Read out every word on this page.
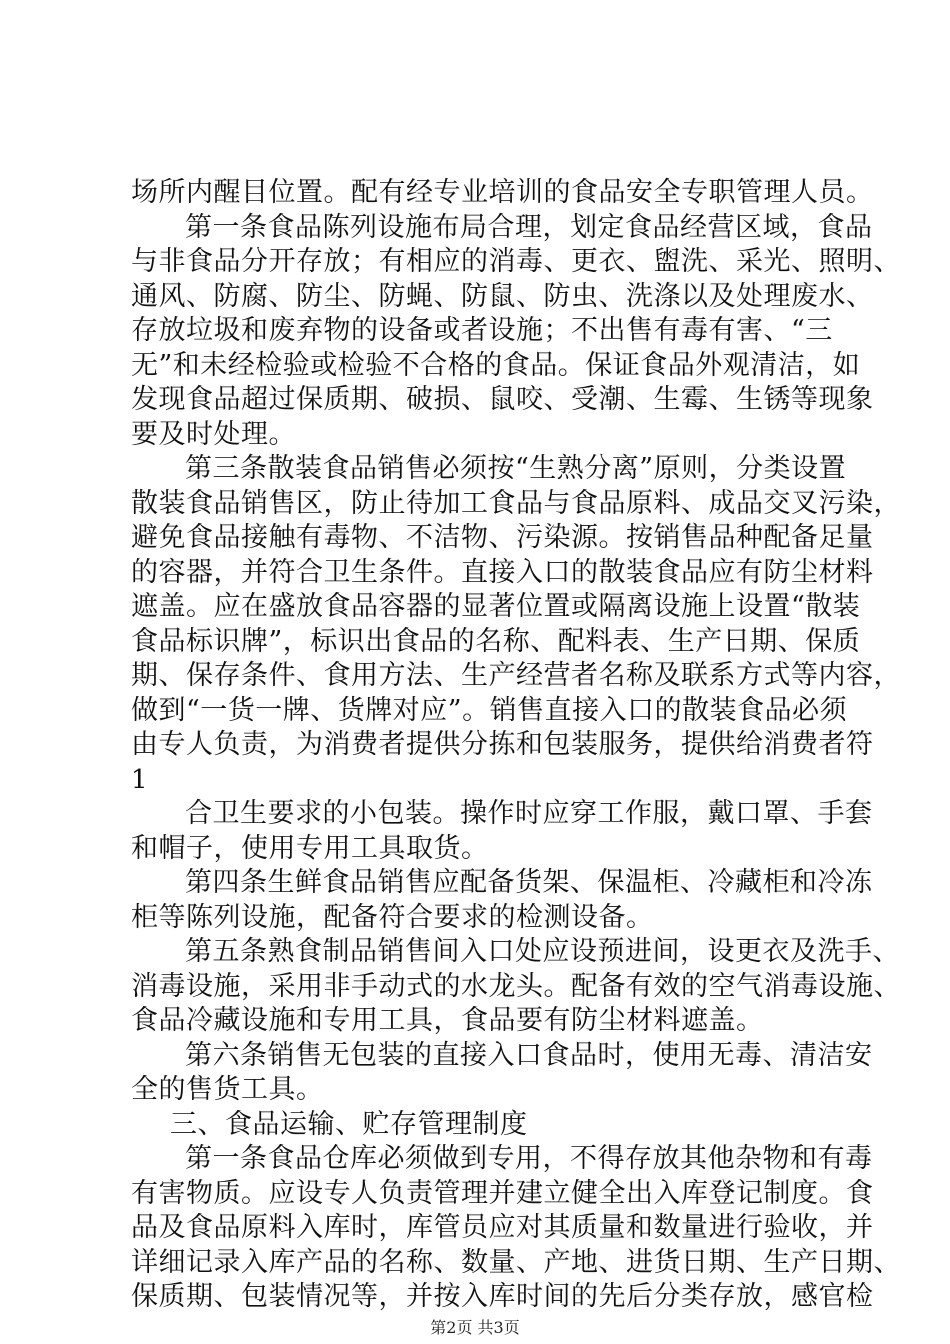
场所内醒目位置。配有经专业培训的食品安全专职管理人员。
第一条食品陈列设施布局合理，划定食品经营区域，食品
与非食品分开存放；有相应的消毒、更衣、盥洗、采光、照明、
通风、防腐、防尘、防蝇、防鼠、防虫、洗涤以及处理废水、
存放垃圾和废弃物的设备或者设施；不出售有毒有害、“三
无”和未经检验或检验不合格的食品。保证食品外观清洁，如
发现食品超过保质期、破损、鼠咬、受潮、生霉、生锈等现象
要及时处理。
第三条散装食品销售必须按“生熟分离”原则，分类设置
散装食品销售区，防止待加工食品与食品原料、成品交叉污染，
避免食品接触有毒物、不洁物、污染源。按销售品种配备足量
的容器，并符合卫生条件。直接入口的散装食品应有防尘材料
遮盖。应在盛放食品容器的显著位置或隔离设施上设置“散装
食品标识牌”，标识出食品的名称、配料表、生产日期、保质
期、保存条件、食用方法、生产经营者名称及联系方式等内容，
做到“一货一牌、货牌对应”。销售直接入口的散装食品必须
由专人负责，为消费者提供分拣和包装服务，提供给消费者符
1
合卫生要求的小包装。操作时应穿工作服，戴口罩、手套
和帽子，使用专用工具取货。
第四条生鲜食品销售应配备货架、保温柜、冷藏柜和冷冻
柜等陈列设施，配备符合要求的检测设备。
第五条熟食制品销售间入口处应设预进间，设更衣及洗手、
消毒设施，采用非手动式的水龙头。配备有效的空气消毒设施、
食品冷藏设施和专用工具，食品要有防尘材料遮盖。
第六条销售无包装的直接入口食品时，使用无毒、清洁安
全的售货工具。
三、食品运输、贮存管理制度
第一条食品仓库必须做到专用，不得存放其他杂物和有毒
有害物质。应设专人负责管理并建立健全出入库登记制度。食
品及食品原料入库时，库管员应对其质量和数量进行验收，并
详细记录入库产品的名称、数量、产地、进货日期、生产日期、
保质期、包装情况等，并按入库时间的先后分类存放，感官检
第2页 共3页
